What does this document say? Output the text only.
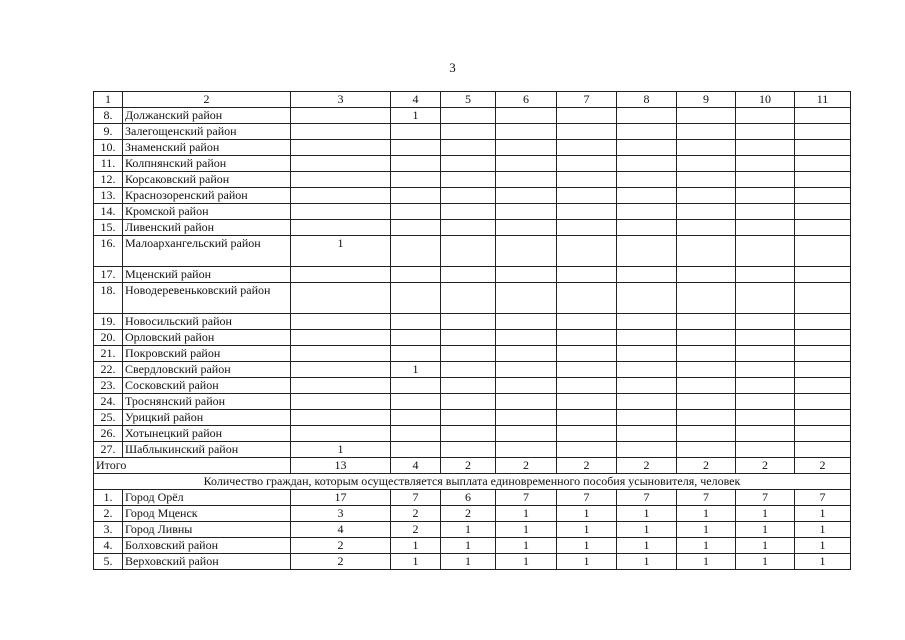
3
1	2	3	4	5	6	7	8	9	10	11
8.	Должанский район		1							
9.	Залегощенский район									
10.	Знаменский район									
11.	Колпнянский район									
12.	Корсаковский район									
13.	Краснозоренский район									
14.	Кромской район									
15.	Ливенский район									
16.	Малоархангельский район	1								
17.	Мценский район									
18.	Новодеревеньковский район									
19.	Новосильский район									
20.	Орловский район									
21.	Покровский район									
22.	Свердловский район		1							
23.	Сосковский район									
24.	Троснянский район									
25.	Урицкий район									
26.	Хотынецкий район									
27.	Шаблыкинский район	1								
Итого		13	4	2	2	2	2	2	2	2
Количество граждан, которым осуществляется выплата единовременного пособия усыновителя, человек										
1.	Город Орёл	17	7	6	7	7	7	7	7	7
2.	Город Мценск	3	2	2	1	1	1	1	1	1
3.	Город Ливны	4	2	1	1	1	1	1	1	1
4.	Болховский район	2	1	1	1	1	1	1	1	1
5.	Верховский район	2	1	1	1	1	1	1	1	1
